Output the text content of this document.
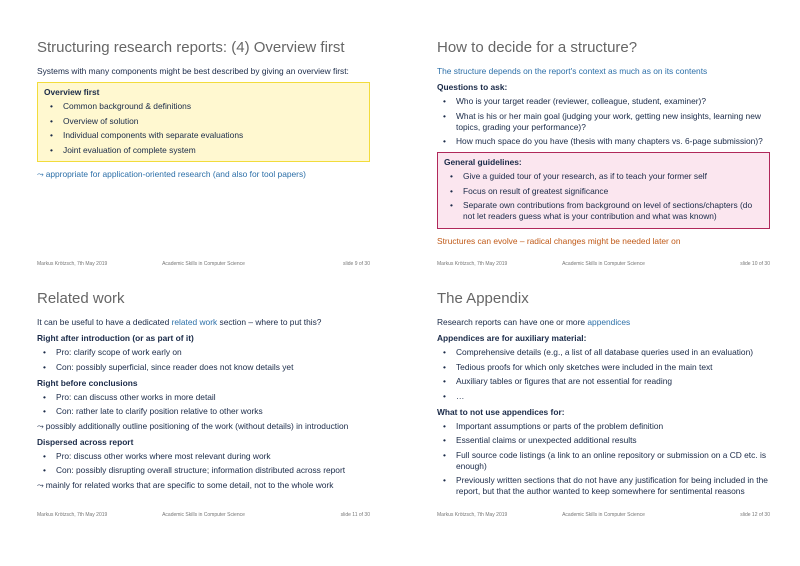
Structuring research reports: (4) Overview first

Systems with many components might be best described by giving an overview first:

Overview first
• Common background & definitions
• Overview of solution
• Individual components with separate evaluations
• Joint evaluation of complete system

⤳ appropriate for application-oriented research (and also for tool papers)

Markus Krötzsch, 7th May 2019	Academic Skills in Computer Science	slide 9 of 30
How to decide for a structure?

The structure depends on the report's context as much as on its contents

Questions to ask:
• Who is your target reader (reviewer, colleague, student, examiner)?
• What is his or her main goal (judging your work, getting new insights, learning new topics, grading your performance)?
• How much space do you have (thesis with many chapters vs. 6-page submission)?
General guidelines:
• Give a guided tour of your research, as if to teach your former self
• Focus on result of greatest significance
• Separate own contributions from background on level of sections/chapters (do not let readers guess what is your contribution and what was known)

Structures can evolve – radical changes might be needed later on

Markus Krötzsch, 7th May 2019	Academic Skills in Computer Science	slide 10 of 30
Related work

It can be useful to have a dedicated related work section – where to put this?

Right after introduction (or as part of it)
• Pro: clarify scope of work early on
• Con: possibly superficial, since reader does not know details yet
Right before conclusions
• Pro: can discuss other works in more detail
• Con: rather late to clarify position relative to other works

⤳ possibly additionally outline positioning of the work (without details) in introduction

Dispersed across report
• Pro: discuss other works where most relevant during work
• Con: possibly disrupting overall structure; information distributed across report

⤳ mainly for related works that are specific to some detail, not to the whole work

Markus Krötzsch, 7th May 2019	Academic Skills in Computer Science	slide 11 of 30
The Appendix

Research reports can have one or more appendices

Appendices are for auxiliary material:
• Comprehensive details (e.g., a list of all database queries used in an evaluation)
• Tedious proofs for which only sketches were included in the main text
• Auxiliary tables or figures that are not essential for reading
• …
What to not use appendices for:
• Important assumptions or parts of the problem definition
• Essential claims or unexpected additional results
• Full source code listings (a link to an online repository or submission on a CD etc. is enough)
• Previously written sections that do not have any justification for being included in the report, but that the author wanted to keep somewhere for sentimental reasons
Markus Krötzsch, 7th May 2019	Academic Skills in Computer Science	slide 12 of 30
